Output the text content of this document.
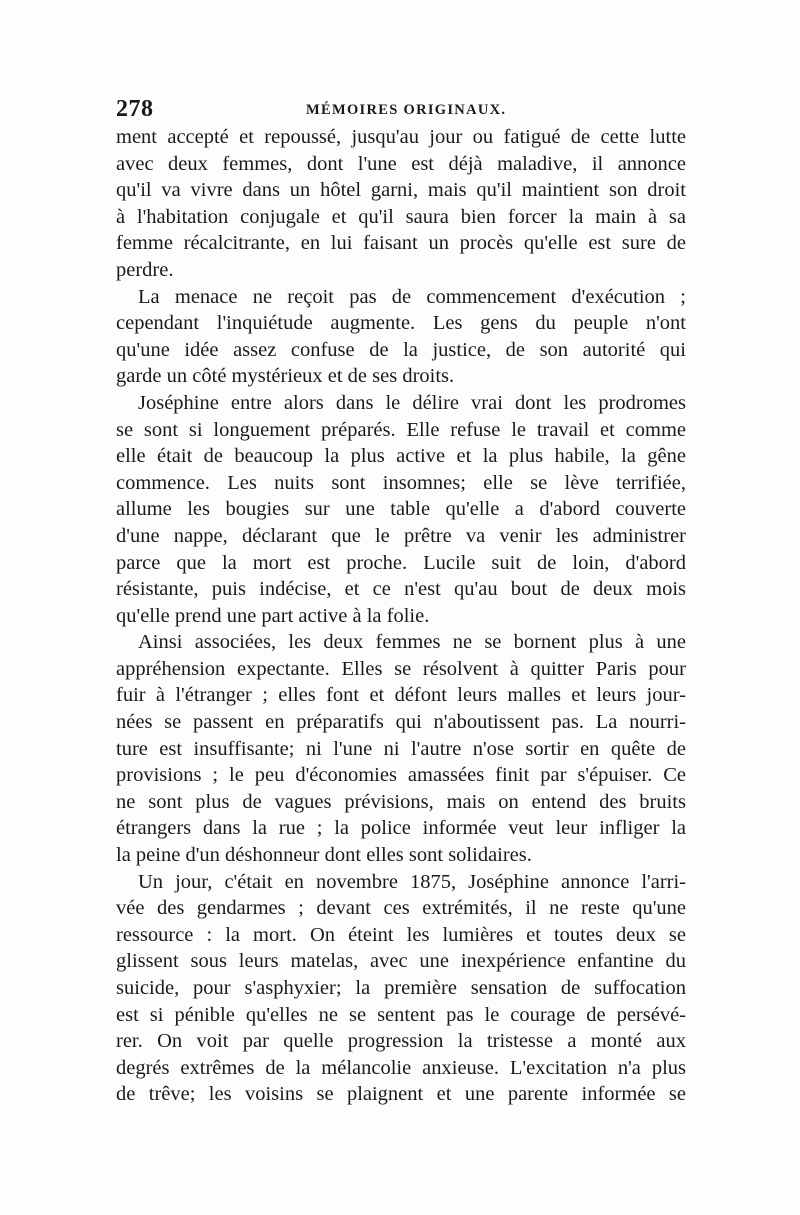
278	MÉMOIRES ORIGINAUX.
ment accepté et repoussé, jusqu'au jour ou fatigué de cette lutte
avec deux femmes, dont l'une est déjà maladive, il annonce
qu'il va vivre dans un hôtel garni, mais qu'il maintient son droit
à l'habitation conjugale et qu'il saura bien forcer la main à sa
femme récalcitrante, en lui faisant un procès qu'elle est sure de
perdre.
La menace ne reçoit pas de commencement d'exécution ;
cependant l'inquiétude augmente. Les gens du peuple n'ont
qu'une idée assez confuse de la justice, de son autorité qui
garde un côté mystérieux et de ses droits.
Joséphine entre alors dans le délire vrai dont les prodromes
se sont si longuement préparés. Elle refuse le travail et comme
elle était de beaucoup la plus active et la plus habile, la gêne
commence. Les nuits sont insomnes; elle se lève terrifiée,
allume les bougies sur une table qu'elle a d'abord couverte
d'une nappe, déclarant que le prêtre va venir les administrer
parce que la mort est proche. Lucile suit de loin, d'abord
résistante, puis indécise, et ce n'est qu'au bout de deux mois
qu'elle prend une part active à la folie.
Ainsi associées, les deux femmes ne se bornent plus à une
appréhension expectante. Elles se résolvent à quitter Paris pour
fuir à l'étranger ; elles font et défont leurs malles et leurs jour-
nées se passent en préparatifs qui n'aboutissent pas. La nourri-
ture est insuffisante; ni l'une ni l'autre n'ose sortir en quête de
provisions ; le peu d'économies amassées finit par s'épuiser. Ce
ne sont plus de vagues prévisions, mais on entend des bruits
étrangers dans la rue ; la police informée veut leur infliger la
la peine d'un déshonneur dont elles sont solidaires.
Un jour, c'était en novembre 1875, Joséphine annonce l'arri-
vée des gendarmes ; devant ces extrémités, il ne reste qu'une
ressource : la mort. On éteint les lumières et toutes deux se
glissent sous leurs matelas, avec une inexpérience enfantine du
suicide, pour s'asphyxier; la première sensation de suffocation
est si pénible qu'elles ne se sentent pas le courage de persévé-
rer. On voit par quelle progression la tristesse a monté aux
degrés extrêmes de la mélancolie anxieuse. L'excitation n'a plus
de trêve; les voisins se plaignent et une parente informée se
